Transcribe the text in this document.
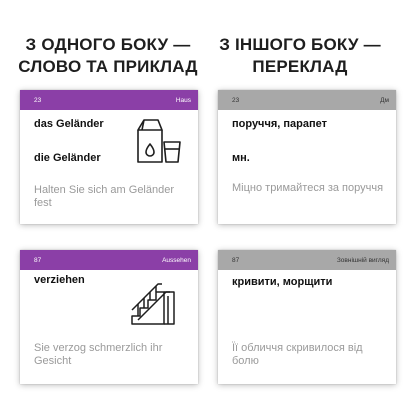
З ОДНОГО БОКУ —
СЛОВО ТА ПРИКЛАД
З ІНШОГО БОКУ —
ПЕРЕКЛАД
23	Haus
das Geländer
die Geländer
Halten Sie sich am Geländer fest
23	Дм
поруччя, парапет
мн.
Міцно тримайтеся за поруччя
87	Aussehen
verziehen
Sie verzog schmerzlich ihr Gesicht
87	Зовнішній вигляд
кривити, морщити
Її обличчя скривилося від болю
